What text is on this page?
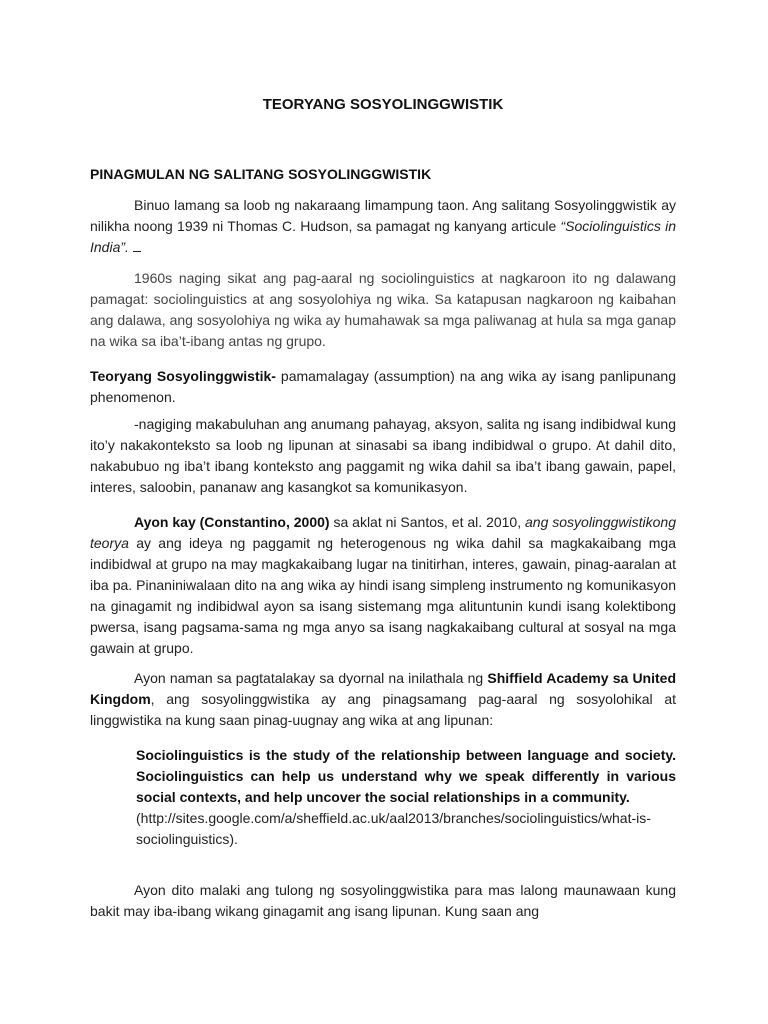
TEORYANG SOSYOLINGGWISTIK
PINAGMULAN NG SALITANG SOSYOLINGGWISTIK
Binuo lamang sa loob ng nakaraang limampung taon. Ang salitang Sosyolinggwistik ay nilikha noong 1939 ni Thomas C. Hudson, sa pamagat ng kanyang articule “Sociolinguistics in India”.
1960s naging sikat ang pag-aaral ng sociolinguistics at nagkaroon ito ng dalawang pamagat: sociolinguistics at ang sosyolohiya ng wika. Sa katapusan nagkaroon ng kaibahan ang dalawa, ang sosyolohiya ng wika ay humahawak sa mga paliwanag at hula sa mga ganap na wika sa iba’t-ibang antas ng grupo.
Teoryang Sosyolinggwistik- pamamalagay (assumption) na ang wika ay isang panlipunang phenomenon.
-nagiging makabuluhan ang anumang pahayag, aksyon, salita ng isang indibidwal kung ito’y nakakonteksto sa loob ng lipunan at sinasabi sa ibang indibidwal o grupo. At dahil dito, nakabubuo ng iba’t ibang konteksto ang paggamit ng wika dahil sa iba’t ibang gawain, papel, interes, saloobin, pananaw ang kasangkot sa komunikasyon.
Ayon kay (Constantino, 2000) sa aklat ni Santos, et al. 2010, ang sosyolinggwistikong teorya ay ang ideya ng paggamit ng heterogenous ng wika dahil sa magkakaibang mga indibidwal at grupo na may magkakaibang lugar na tinitirhan, interes, gawain, pinag-aaralan at iba pa. Pinaniniwalaan dito na ang wika ay hindi isang simpleng instrumento ng komunikasyon na ginagamit ng indibidwal ayon sa isang sistemang mga alituntunin kundi isang kolektibong pwersa, isang pagsama-sama ng mga anyo sa isang nagkakaibang cultural at sosyal na mga gawain at grupo.
Ayon naman sa pagtatalakay sa dyornal na inilathala ng Shiffield Academy sa United Kingdom, ang sosyolinggwistika ay ang pinagsamang pag-aaral ng sosyolohikal at linggwistika na kung saan pinag-uugnay ang wika at ang lipunan:
Sociolinguistics is the study of the relationship between language and society. Sociolinguistics can help us understand why we speak differently in various social contexts, and help uncover the social relationships in a community.
(http://sites.google.com/a/sheffield.ac.uk/aal2013/branches/sociolinguistics/what-is-sociolinguistics).
Ayon dito malaki ang tulong ng sosyolinggwistika para mas lalong maunawaan kung bakit may iba-ibang wikang ginagamit ang isang lipunan. Kung saan ang
